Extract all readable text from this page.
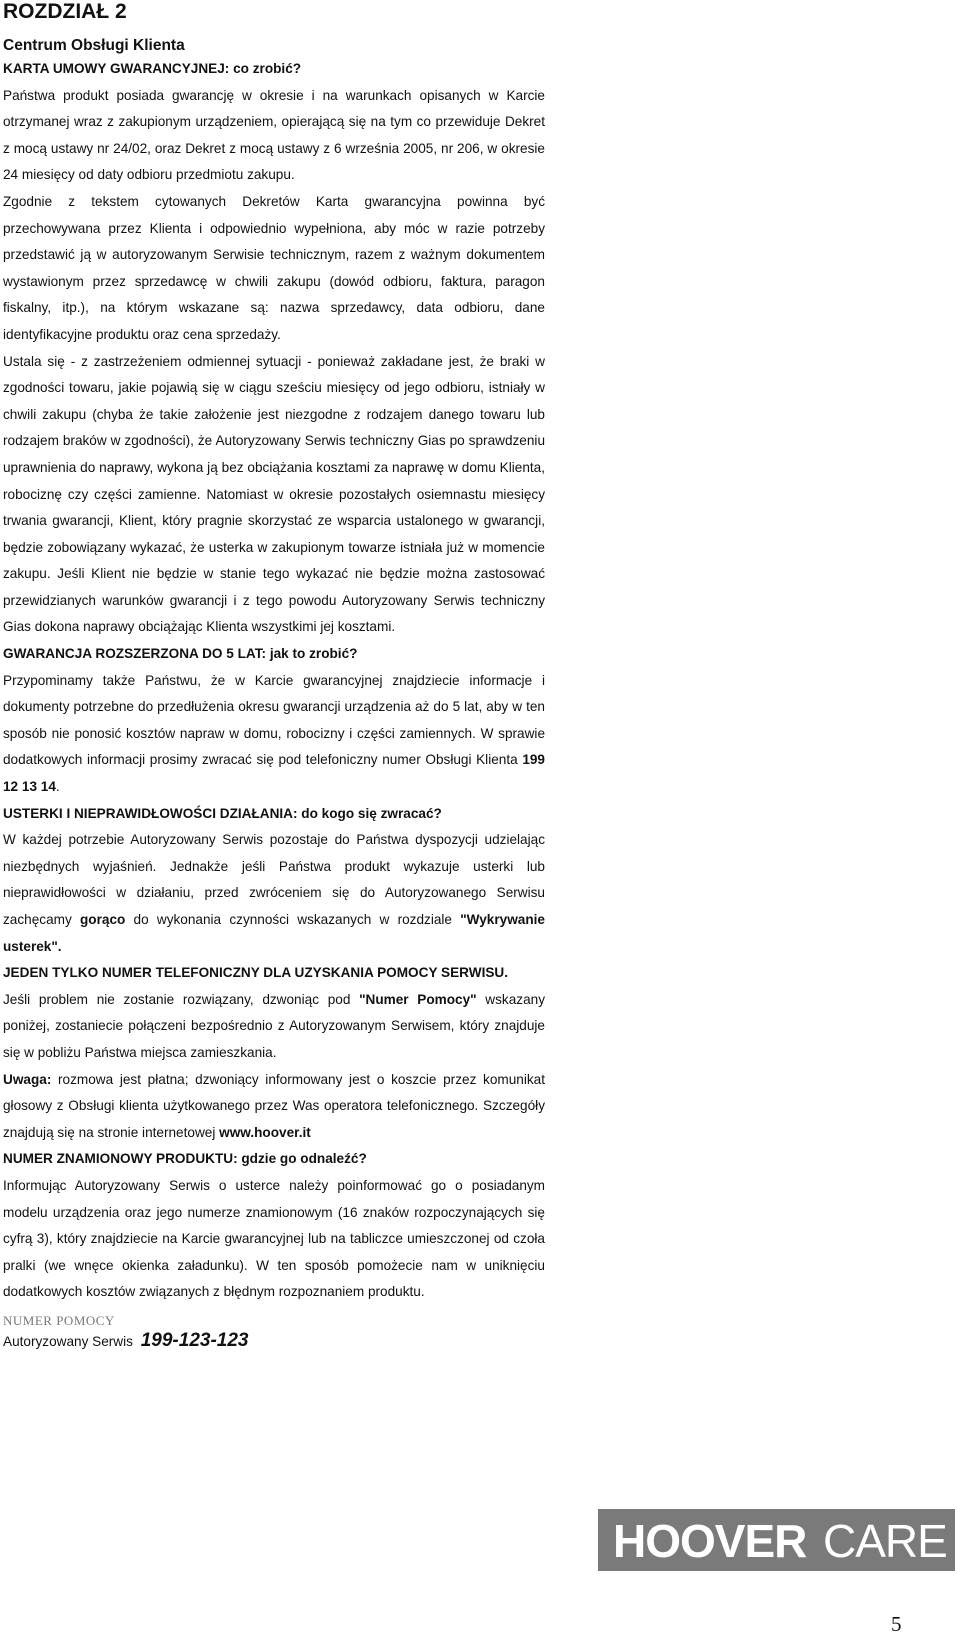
ROZDZIAŁ 2
Centrum Obsługi Klienta
KARTA UMOWY GWARANCYJNEJ: co zrobić?

Państwa produkt posiada gwarancję w okresie i na warunkach opisanych w Karcie otrzymanej wraz z zakupionym urządzeniem, opierającą się na tym co przewiduje Dekret z mocą ustawy nr 24/02, oraz Dekret z mocą ustawy z 6 września 2005, nr 206, w okresie 24 miesięcy od daty odbioru przedmiotu zakupu.

Zgodnie z tekstem cytowanych Dekretów Karta gwarancyjna powinna być przechowywana przez Klienta i odpowiednio wypełniona, aby móc w razie potrzeby przedstawić ją w autoryzowanym Serwisie technicznym, razem z ważnym dokumentem wystawionym przez sprzedawcę w chwili zakupu (dowód odbioru, faktura, paragon fiskalny, itp.), na którym wskazane są: nazwa sprzedawcy, data odbioru, dane identyfikacyjne produktu oraz cena sprzedaży.

Ustala się - z zastrzeżeniem odmiennej sytuacji - ponieważ zakładane jest, że braki w zgodności towaru, jakie pojawią się w ciągu sześciu miesięcy od jego odbioru, istniały w chwili zakupu (chyba że takie założenie jest niezgodne z rodzajem danego towaru lub rodzajem braków w zgodności), że Autoryzowany Serwis techniczny Gias po sprawdzeniu uprawnienia do naprawy, wykona ją bez obciążania kosztami za naprawę w domu Klienta, robociznę czy części zamienne. Natomiast w okresie pozostałych osiemnastu miesięcy trwania gwarancji, Klient, który pragnie skorzystać ze wsparcia ustalonego w gwarancji, będzie zobowiązany wykazać, że usterka w zakupionym towarze istniała już w momencie zakupu. Jeśli Klient nie będzie w stanie tego wykazać nie będzie można zastosować przewidzianych warunków gwarancji i z tego powodu Autoryzowany Serwis techniczny Gias dokona naprawy obciążając Klienta wszystkimi jej kosztami.

GWARANCJA ROZSZERZONA DO 5 LAT: jak to zrobić?

Przypominamy także Państwu, że w Karcie gwarancyjnej znajdziecie informacje i dokumenty potrzebne do przedłużenia okresu gwarancji urządzenia aż do 5 lat, aby w ten sposób nie ponosić kosztów napraw w domu, robocizny i części zamiennych. W sprawie dodatkowych informacji prosimy zwracać się pod telefoniczny numer Obsługi Klienta 199 12 13 14.

USTERKI I NIEPRAWIDŁOWOŚCI DZIAŁANIA: do kogo się zwracać?

W każdej potrzebie Autoryzowany Serwis pozostaje do Państwa dyspozycji udzielając niezbędnych wyjaśnień. Jednakże jeśli Państwa produkt wykazuje usterki lub nieprawidłowości w działaniu, przed zwróceniem się do Autoryzowanego Serwisu zachęcamy gorąco do wykonania czynności wskazanych w rozdziale "Wykrywanie usterek".

JEDEN TYLKO NUMER TELEFONICZNY DLA UZYSKANIA POMOCY SERWISU.

Jeśli problem nie zostanie rozwiązany, dzwoniąc pod "Numer Pomocy" wskazany poniżej, zostaniecie połączeni bezpośrednio z Autoryzowanym Serwisem, który znajduje się w pobliżu Państwa miejsca zamieszkania.

Uwaga: rozmowa jest płatna; dzwoniący informowany jest o koszcie przez komunikat głosowy z Obsługi klienta użytkowanego przez Was operatora telefonicznego. Szczegóły znajdują się na stronie internetowej www.hoover.it

NUMER ZNAMIONOWY PRODUKTU: gdzie go odnaleźć?

Informując Autoryzowany Serwis o usterce należy poinformować go o posiadanym modelu urządzenia oraz jego numerze znamionowym (16 znaków rozpoczynających się cyfrą 3), który znajdziecie na Karcie gwarancyjnej lub na tabliczce umieszczonej od czoła pralki (we wnęce okienka załadunku). W ten sposób pomożecie nam w uniknięciu dodatkowych kosztów związanych z błędnym rozpoznaniem produktu.

NUMER POMOCY
Autoryzowany Serwis 199-123-123
HOOVER CARE
5
